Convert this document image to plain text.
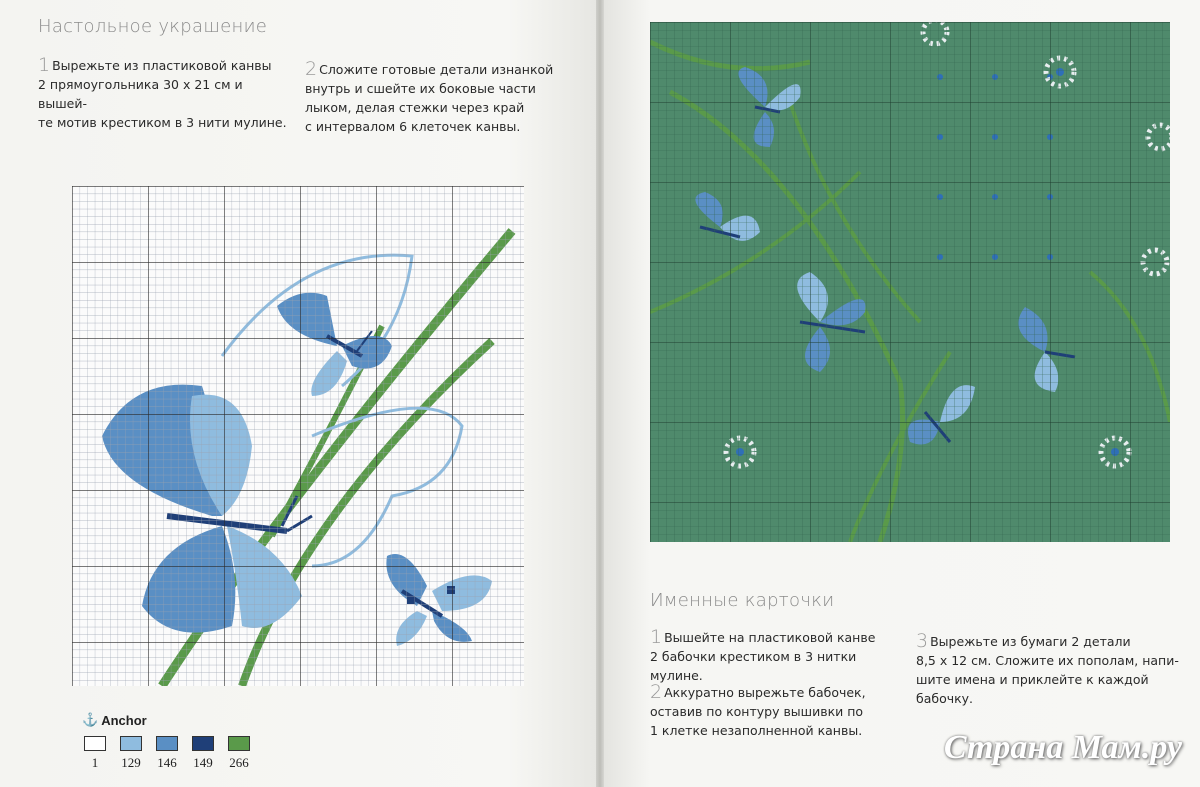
Настольное украшение
1 Вырежьте из пластиковой канвы
2 прямоугольника 30 х 21 см и вышей-
те мотив крестиком в 3 нити мулине.

2 Сложите готовые детали изнанкой
внутрь и сшейте их боковые части
лыком, делая стежки через край
с интервалом 6 клеточек канвы.

⚓ Anchor
1 129 146 149 266
Именные карточки
1 Вышейте на пластиковой канве
2 бабочки крестиком в 3 нитки мулине.

2 Аккуратно вырежьте бабочек,
оставив по контуру вышивки по
1 клетке незаполненной канвы.

3 Вырежьте из бумаги 2 детали
8,5 х 12 см. Сложите их пополам, напи-
шите имена и приклейте к каждой
бабочку.

Страна Мам.ру
